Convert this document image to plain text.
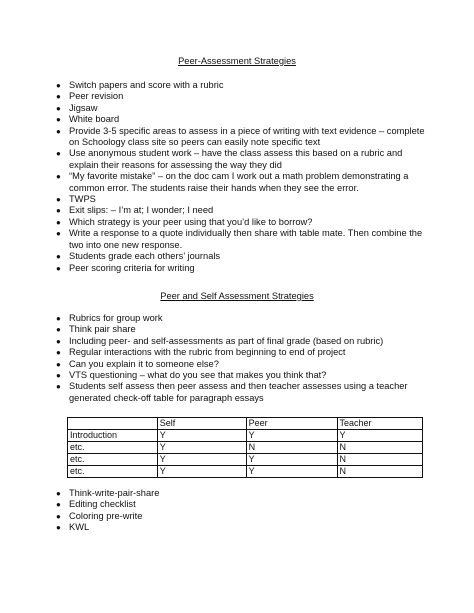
Peer-Assessment Strategies
● Switch papers and score with a rubric
● Peer revision
● Jigsaw
● White board
● Provide 3-5 specific areas to assess in a piece of writing with text evidence – complete on Schoology class site so peers can easily note specific text
● Use anonymous student work – have the class assess this based on a rubric and explain their reasons for assessing the way they did
● “My favorite mistake” – on the doc cam I work out a math problem demonstrating a common error. The students raise their hands when they see the error.
● TWPS
● Exit slips: – I’m at; I wonder; I need
● Which strategy is your peer using that you’d like to borrow?
● Write a response to a quote individually then share with table mate. Then combine the two into one new response.
● Students grade each others’ journals
● Peer scoring criteria for writing
Peer and Self Assessment Strategies
● Rubrics for group work
● Think pair share
● Including peer- and self-assessments as part of final grade (based on rubric)
● Regular interactions with the rubric from beginning to end of project
● Can you explain it to someone else?
● VTS questioning – what do you see that makes you think that?
● Students self assess then peer assess and then teacher assesses using a teacher generated check-off table for paragraph essays
	Self	Peer	Teacher
Introduction	Y	Y	Y
etc.	Y	N	N
etc.	Y	Y	N
etc.	Y	Y	N
● Think-write-pair-share
● Editing checklist
● Coloring pre-write
● KWL
